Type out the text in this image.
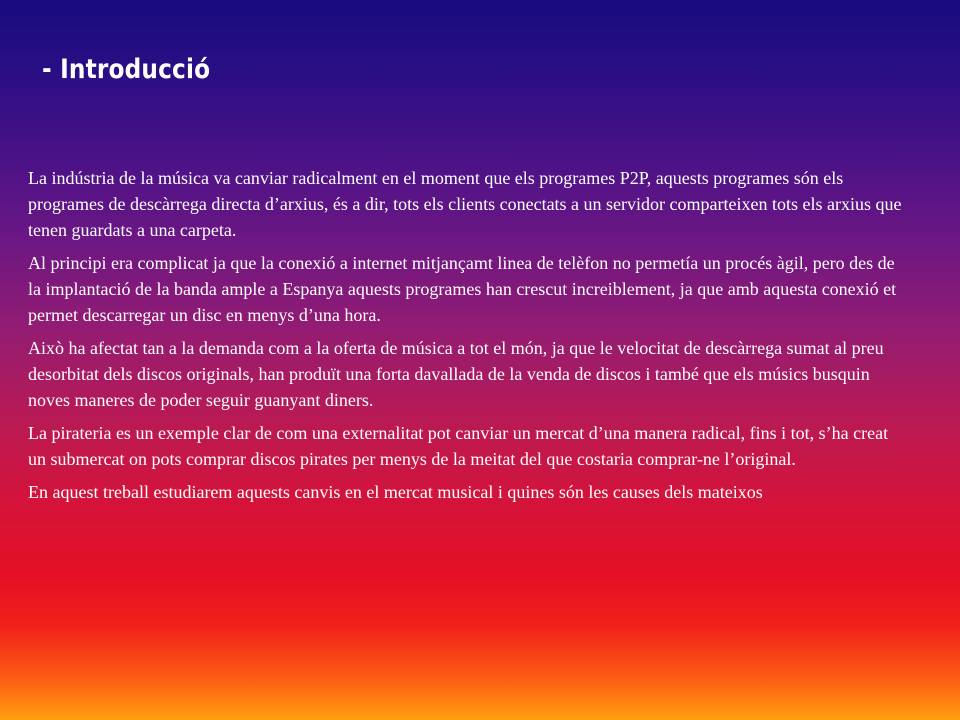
- Introducció

La indústria de la música va canviar radicalment en el moment que els programes P2P, aquests programes són els programes de descàrrega directa d’arxius, és a dir, tots els clients conectats a un servidor comparteixen tots els arxius que tenen guardats a una carpeta.

Al principi era complicat ja que la conexió a internet mitjançamt linea de telèfon no permetía un procés àgil, pero des de la implantació de la banda ample a Espanya aquests programes han crescut increiblement, ja que amb aquesta conexió et permet descarregar un disc en menys d’una hora.

Això ha afectat tan a la demanda com a la oferta de música a tot el món, ja que le velocitat de descàrrega sumat al preu desorbitat dels discos originals, han produït una forta davallada de la venda de discos i també que els músics busquin noves maneres de poder seguir guanyant diners.

La pirateria es un exemple clar de com una externalitat pot canviar un mercat d’una manera radical, fins i tot, s’ha creat un submercat on pots comprar discos pirates per menys de la meitat del que costaria comprar-ne l’original.

En aquest treball estudiarem aquests canvis en el mercat musical i quines són les causes dels mateixos
